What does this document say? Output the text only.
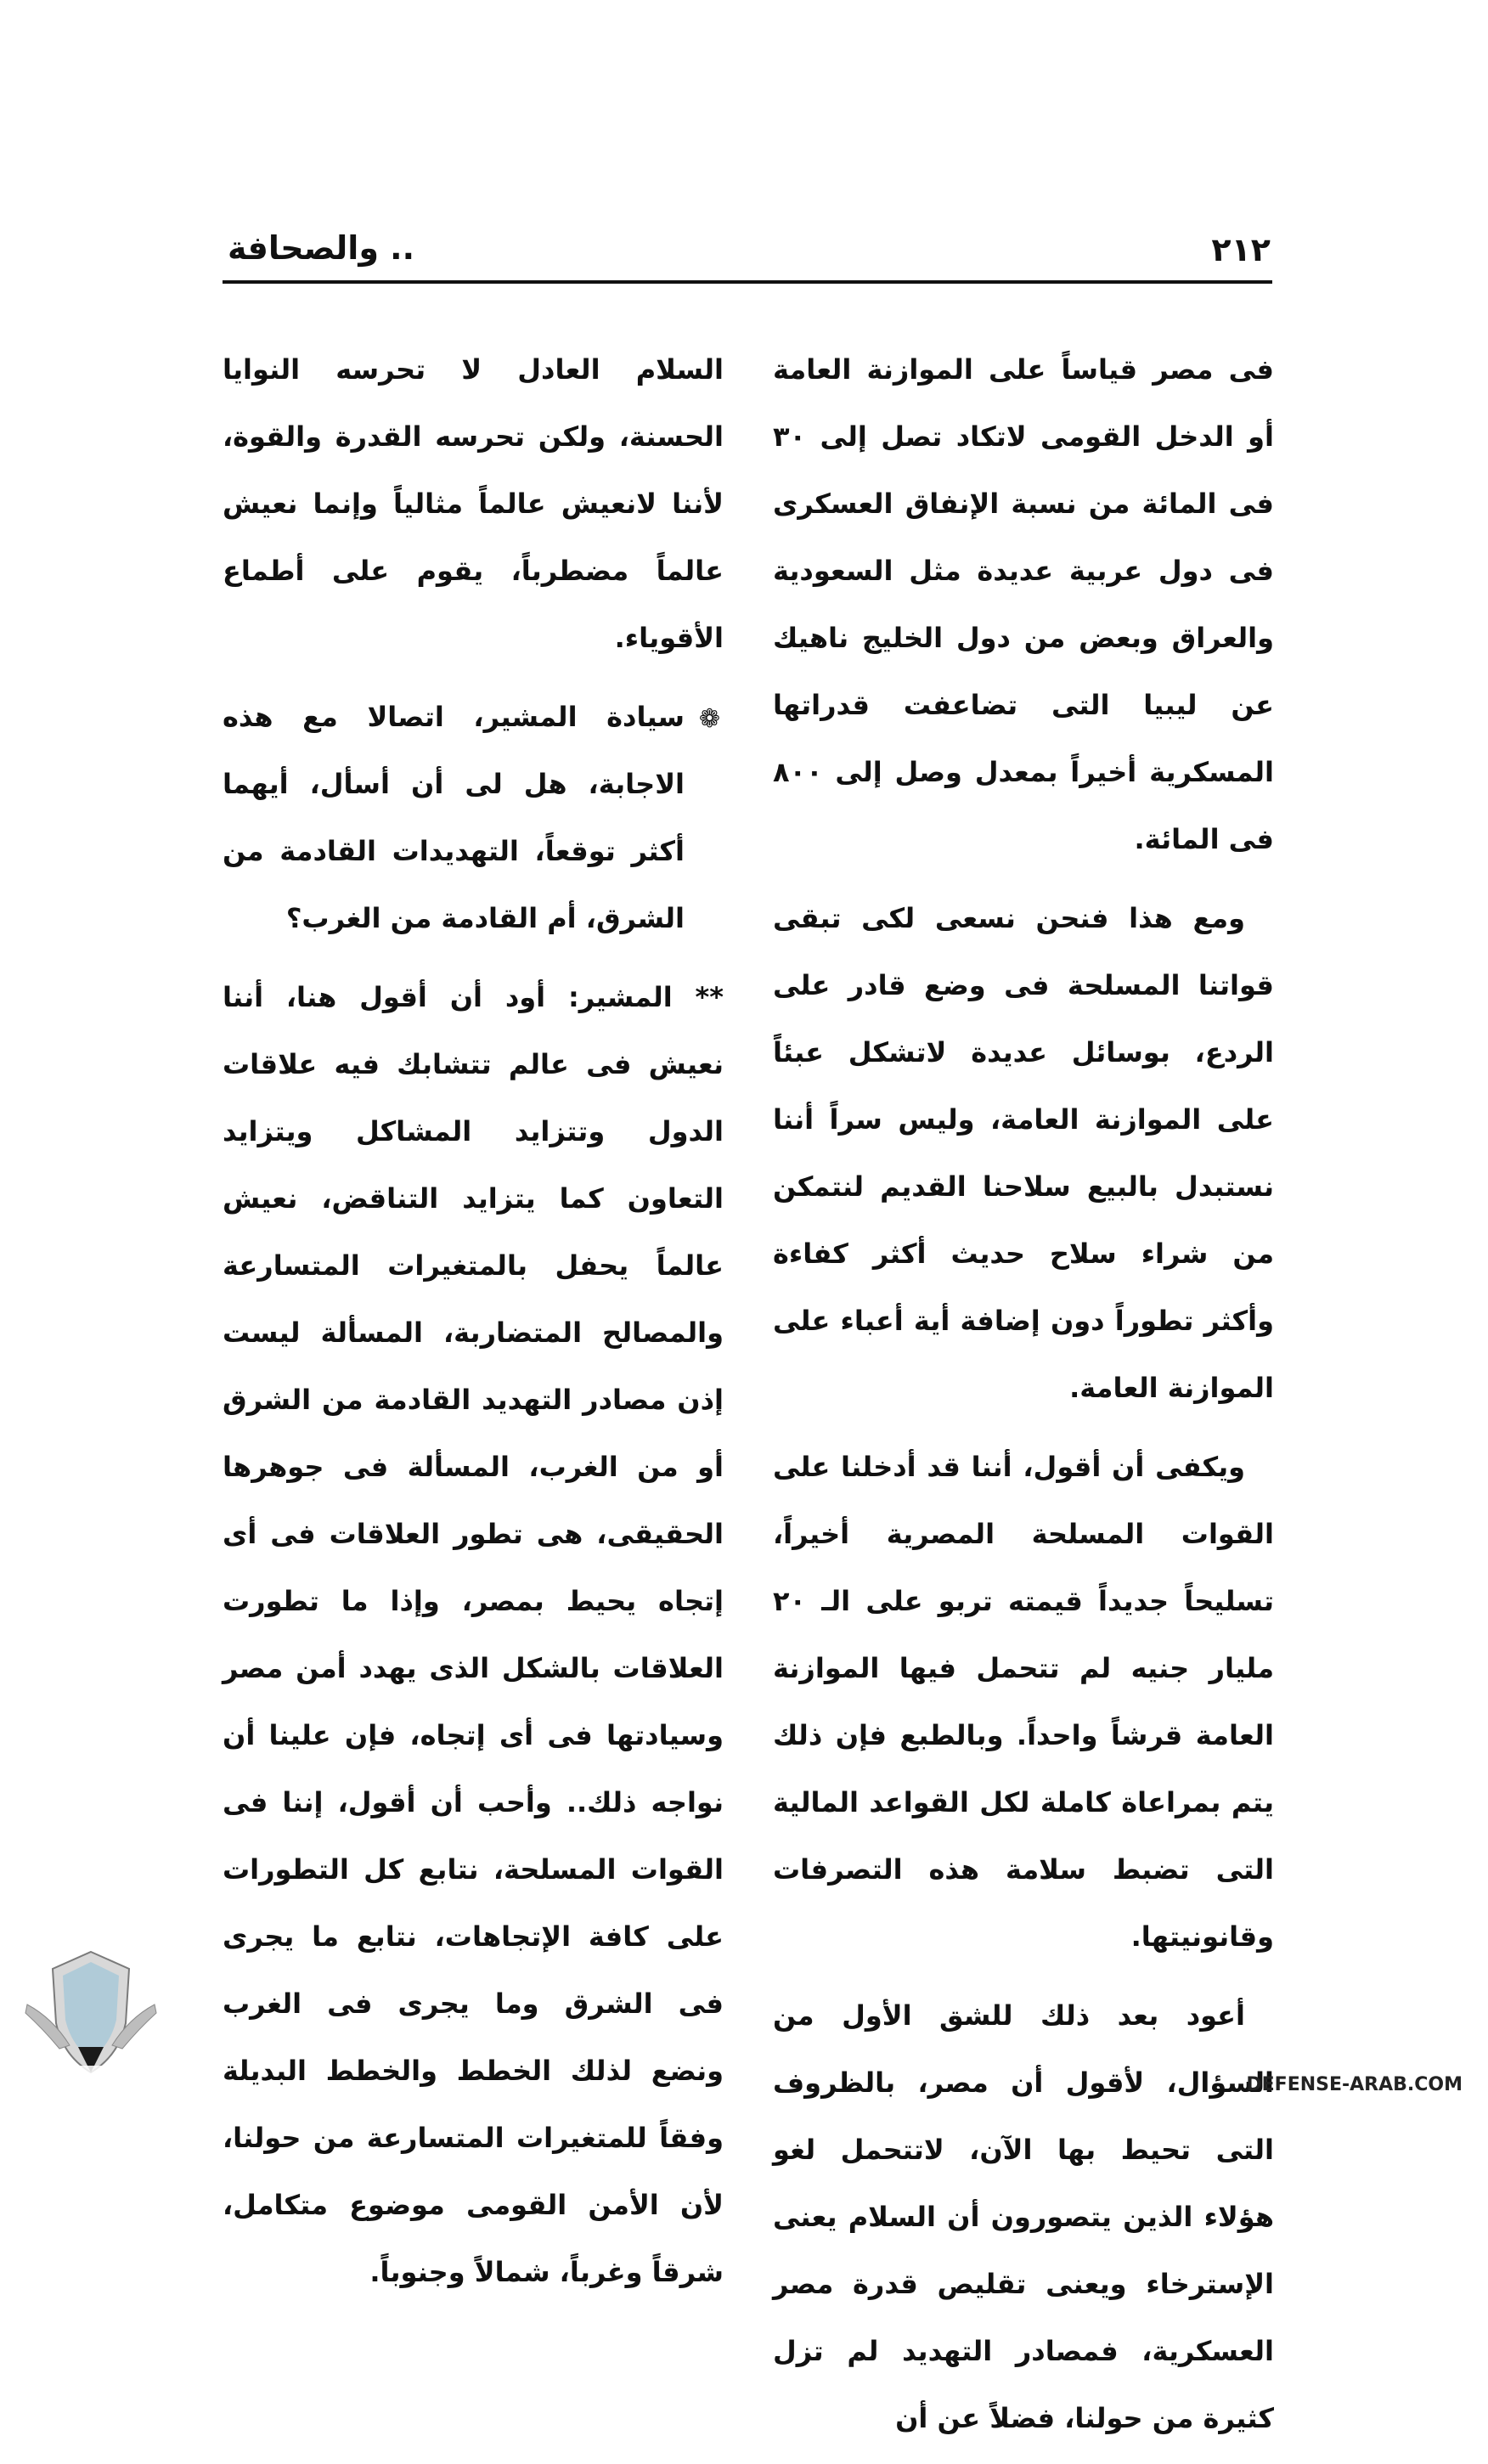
٢١٢
.. والصحافة

فى مصر قياساً على الموازنة العامة أو الدخل القومى لاتكاد تصل إلى ٣٠ فى المائة من نسبة الإنفاق العسكرى فى دول عربية عديدة مثل السعودية والعراق وبعض من دول الخليج ناهيك عن ليبيا التى تضاعفت قدراتها المسكرية أخيراً بمعدل وصل إلى ٨٠٠ فى المائة.

ومع هذا فنحن نسعى لكى تبقى قواتنا المسلحة فى وضع قادر على الردع، بوسائل عديدة لاتشكل عبئاً على الموازنة العامة، وليس سراً أننا نستبدل بالبيع سلاحنا القديم لنتمكن من شراء سلاح حديث أكثر كفاءة وأكثر تطوراً دون إضافة أية أعباء على الموازنة العامة.

ويكفى أن أقول، أننا قد أدخلنا على القوات المسلحة المصرية أخيراً، تسليحاً جديداً قيمته تربو على الـ ٢٠ مليار جنيه لم تتحمل فيها الموازنة العامة قرشاً واحداً. وبالطبع فإن ذلك يتم بمراعاة كاملة لكل القواعد المالية التى تضبط سلامة هذه التصرفات وقانونيتها.

أعود بعد ذلك للشق الأول من السؤال، لأقول أن مصر، بالظروف التى تحيط بها الآن، لاتتحمل لغو هؤلاء الذين يتصورون أن السلام يعنى الإسترخاء ويعنى تقليص قدرة مصر العسكرية، فمصادر التهديد لم تزل كثيرة من حولنا، فضلاً عن أن

السلام العادل لا تحرسه النوايا الحسنة، ولكن تحرسه القدرة والقوة، لأننا لانعيش عالماً مثالياً وإنما نعيش عالماً مضطرباً، يقوم على أطماع الأقوياء.

❁
سيادة المشير، اتصالا مع هذه الاجابة، هل لى أن أسأل، أيهما أكثر توقعاً، التهديدات القادمة من الشرق، أم القادمة من الغرب؟

** المشير: أود أن أقول هنا، أننا نعيش فى عالم تتشابك فيه علاقات الدول وتتزايد المشاكل ويتزايد التعاون كما يتزايد التناقض، نعيش عالماً يحفل بالمتغيرات المتسارعة والمصالح المتضاربة، المسألة ليست إذن مصادر التهديد القادمة من الشرق أو من الغرب، المسألة فى جوهرها الحقيقى، هى تطور العلاقات فى أى إتجاه يحيط بمصر، وإذا ما تطورت العلاقات بالشكل الذى يهدد أمن مصر وسيادتها فى أى إتجاه، فإن علينا أن نواجه ذلك.. وأحب أن أقول، إننا فى القوات المسلحة، نتابع كل التطورات على كافة الإتجاهات، نتابع ما يجرى فى الشرق وما يجرى فى الغرب ونضع لذلك الخطط والخطط البديلة وفقاً للمتغيرات المتسارعة من حولنا، لأن الأمن القومى موضوع متكامل، شرقاً وغرباً، شمالاً وجنوباً.

DEFENSE-ARAB.COM
